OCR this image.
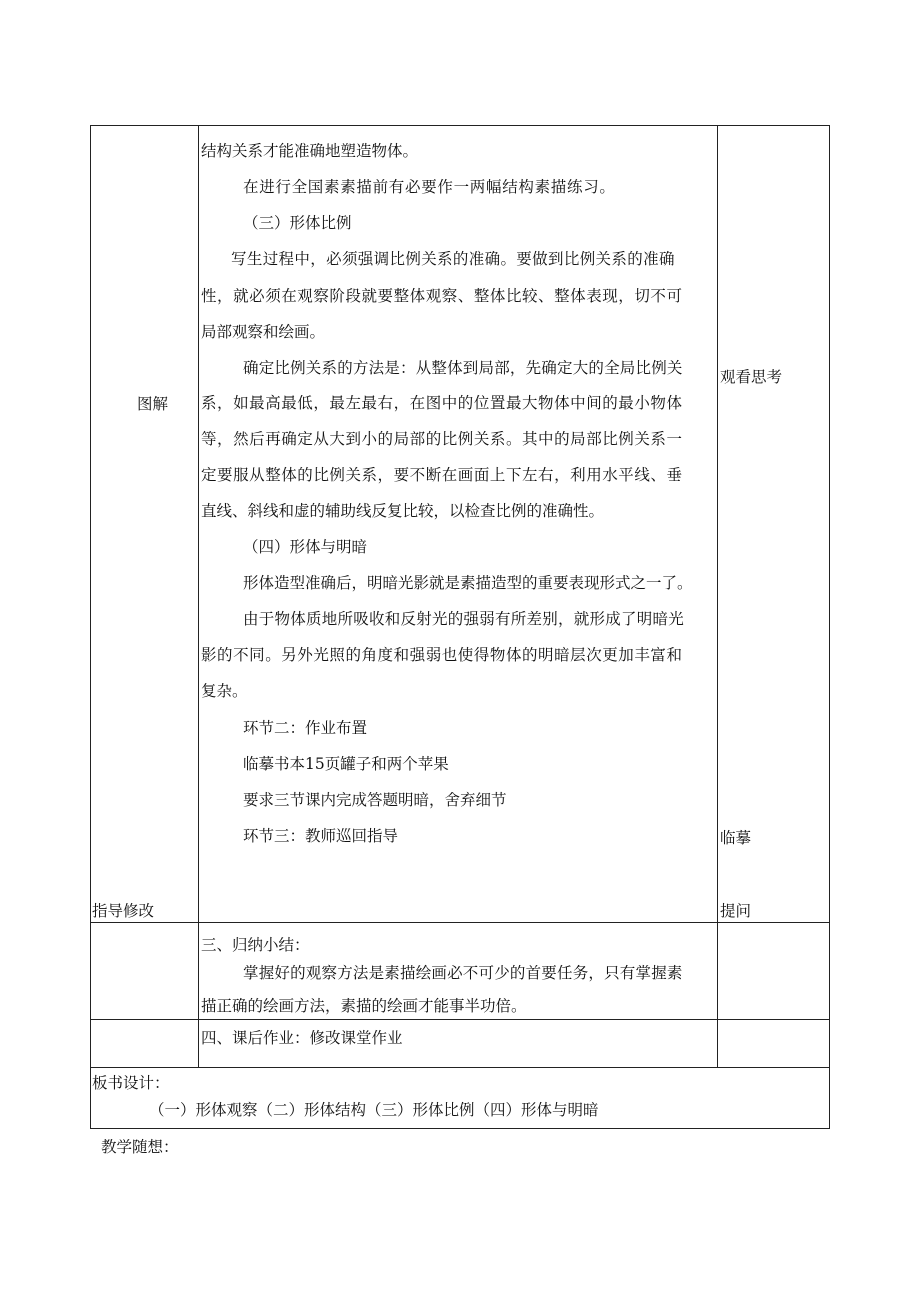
图解
指导修改
结构关系才能准确地塑造物体。
在进行全国素素描前有必要作一两幅结构素描练习。
（三）形体比例
写生过程中，必须强调比例关系的准确。要做到比例关系的准确
性，就必须在观察阶段就要整体观察、整体比较、整体表现，切不可
局部观察和绘画。
确定比例关系的方法是：从整体到局部，先确定大的全局比例关
系，如最高最低，最左最右，在图中的位置最大物体中间的最小物体
等，然后再确定从大到小的局部的比例关系。其中的局部比例关系一
定要服从整体的比例关系，要不断在画面上下左右，利用水平线、垂
直线、斜线和虚的辅助线反复比较，以检查比例的准确性。
（四）形体与明暗
形体造型准确后，明暗光影就是素描造型的重要表现形式之一了。
由于物体质地所吸收和反射光的强弱有所差别，就形成了明暗光
影的不同。另外光照的角度和强弱也使得物体的明暗层次更加丰富和
复杂。
环节二：作业布置
临摹书本15页罐子和两个苹果
要求三节课内完成答题明暗，舍弃细节
环节三：教师巡回指导
观看思考
临摹
提问
三、归纳小结：
掌握好的观察方法是素描绘画必不可少的首要任务，只有掌握素
描正确的绘画方法，素描的绘画才能事半功倍。
四、课后作业：修改课堂作业
板书设计：
（一）形体观察（二）形体结构（三）形体比例（四）形体与明暗
教学随想：
